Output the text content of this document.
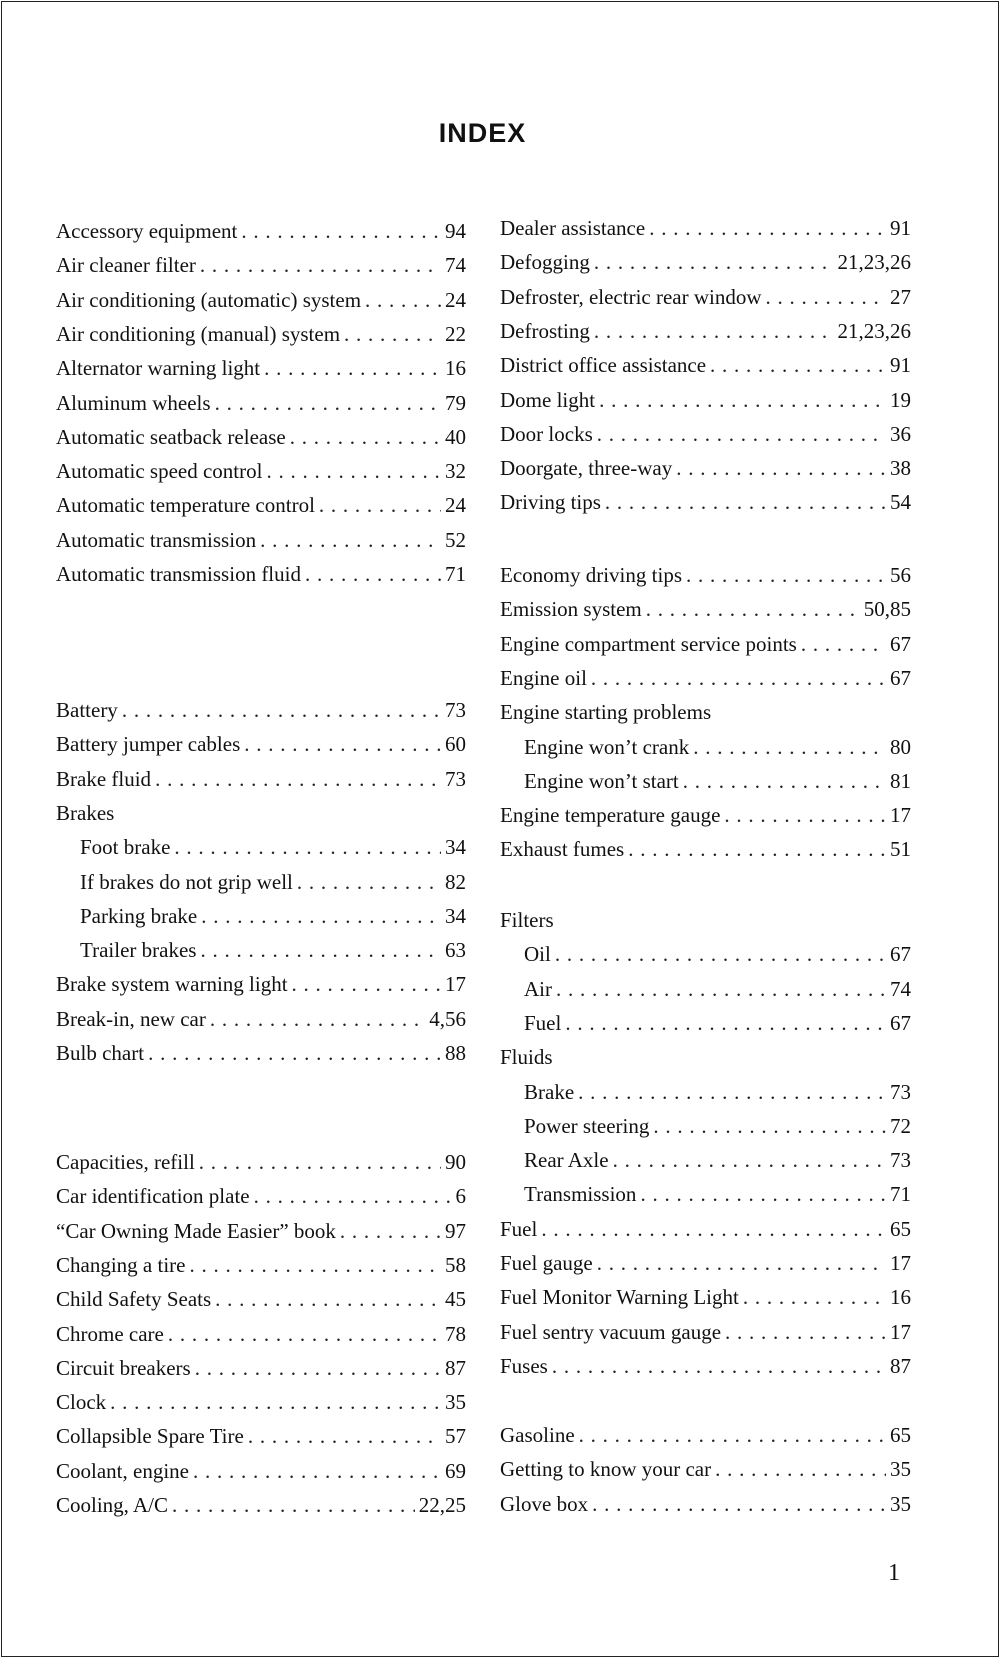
INDEX
Accessory equipment . . .	94
Air cleaner filter . . .	74
Air conditioning (automatic) system . . .	24
Air conditioning (manual) system . . .	22
Alternator warning light . . .	16
Aluminum wheels . . .	79
Automatic seatback release . . .	40
Automatic speed control . . .	32
Automatic temperature control . . .	24
Automatic transmission . . .	52
Automatic transmission fluid . . .	71
Battery . . .	73
Battery jumper cables . . .	60
Brake fluid . . .	73
Brakes
Foot brake . . .	34
If brakes do not grip well . . .	82
Parking brake . . .	34
Trailer brakes . . .	63
Brake system warning light . . .	17
Break-in, new car . . .	4,56
Bulb chart . . .	88
Capacities, refill . . .	90
Car identification plate . . .	6
“Car Owning Made Easier” book . . .	97
Changing a tire . . .	58
Child Safety Seats . . .	45
Chrome care . . .	78
Circuit breakers . . .	87
Clock . . .	35
Collapsible Spare Tire . . .	57
Coolant, engine . . .	69
Cooling, A/C . . .	22,25
Dealer assistance . . .	91
Defogging . . .	21,23,26
Defroster, electric rear window . . .	27
Defrosting . . .	21,23,26
District office assistance . . .	91
Dome light . . .	19
Door locks . . .	36
Doorgate, three-way . . .	38
Driving tips . . .	54
Economy driving tips . . .	56
Emission system . . .	50,85
Engine compartment service points . . .	67
Engine oil . . .	67
Engine starting problems
Engine won’t crank . . .	80
Engine won’t start . . .	81
Engine temperature gauge . . .	17
Exhaust fumes . . .	51
Filters
Oil . . .	67
Air . . .	74
Fuel . . .	67
Fluids
Brake . . .	73
Power steering . . .	72
Rear Axle . . .	73
Transmission . . .	71
Fuel . . .	65
Fuel gauge . . .	17
Fuel Monitor Warning Light . . .	16
Fuel sentry vacuum gauge . . .	17
Fuses . . .	87
Gasoline . . .	65
Getting to know your car . . .	35
Glove box . . .	35
1
